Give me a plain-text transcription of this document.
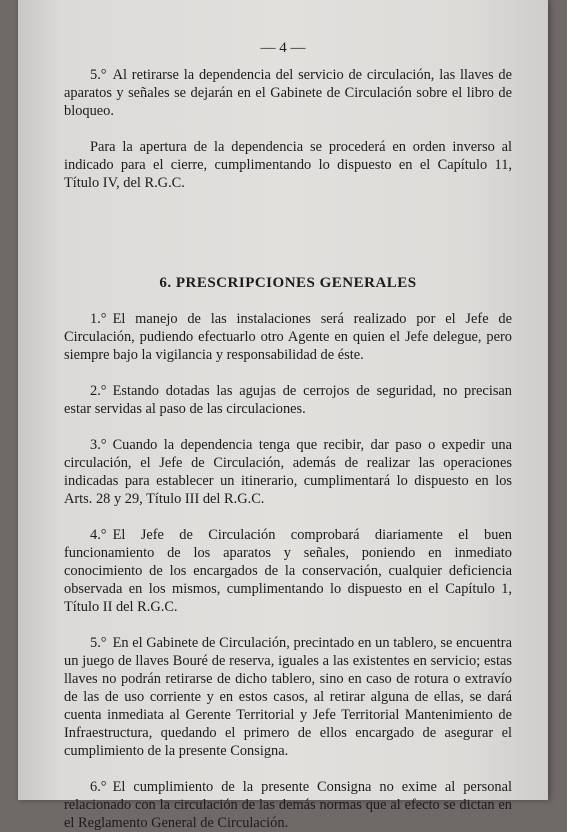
— 4 —

5.° Al retirarse la dependencia del servicio de circulación, las llaves de aparatos y señales se dejarán en el Gabinete de Circulación sobre el libro de bloqueo.

Para la apertura de la dependencia se procederá en orden inverso al indicado para el cierre, cumplimentando lo dispuesto en el Capítulo 11, Título IV, del R.G.C.

6. PRESCRIPCIONES GENERALES

1.° El manejo de las instalaciones será realizado por el Jefe de Circulación, pudiendo efectuarlo otro Agente en quien el Jefe delegue, pero siempre bajo la vigilancia y responsabilidad de éste.

2.° Estando dotadas las agujas de cerrojos de seguridad, no precisan estar servidas al paso de las circulaciones.

3.° Cuando la dependencia tenga que recibir, dar paso o expedir una circulación, el Jefe de Circulación, además de realizar las operaciones indicadas para establecer un itinerario, cumplimentará lo dispuesto en los Arts. 28 y 29, Título III del R.G.C.

4.° El Jefe de Circulación comprobará diariamente el buen funcionamiento de los aparatos y señales, poniendo en inmediato conocimiento de los encargados de la conservación, cualquier deficiencia observada en los mismos, cumplimentando lo dispuesto en el Capítulo 1, Título II del R.G.C.

5.° En el Gabinete de Circulación, precintado en un tablero, se encuentra un juego de llaves Bouré de reserva, iguales a las existentes en servicio; estas llaves no podrán retirarse de dicho tablero, sino en caso de rotura o extravío de las de uso corriente y en estos casos, al retirar alguna de ellas, se dará cuenta inmediata al Gerente Territorial y Jefe Territorial Mantenimiento de Infraestructura, quedando el primero de ellos encargado de asegurar el cumplimiento de la presente Consigna.

6.° El cumplimiento de la presente Consigna no exime al personal relacionado con la circulación de las demás normas que al efecto se dictan en el Reglamento General de Circulación.
